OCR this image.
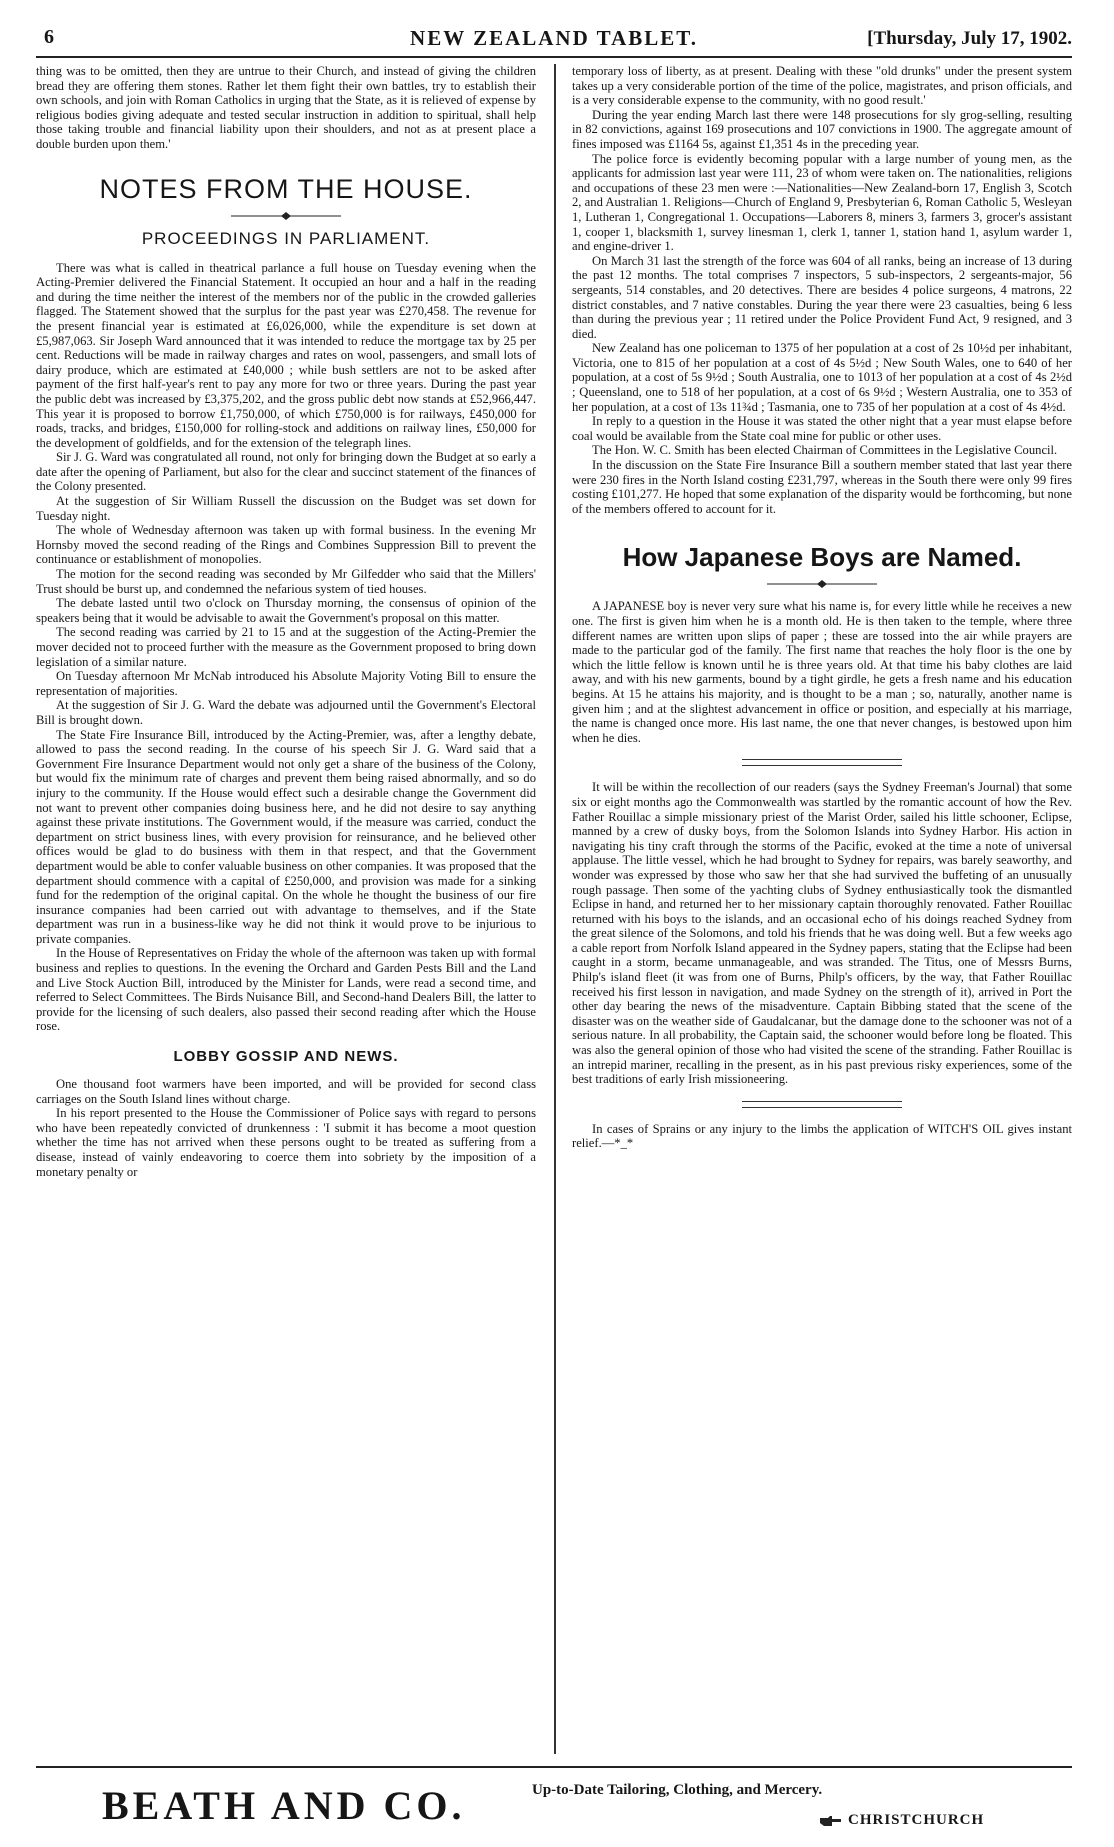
6	NEW ZEALAND TABLET.	[Thursday, July 17, 1902.

thing was to be omitted, then they are untrue to their Church, and instead of giving the children bread they are offering them stones. Rather let them fight their own battles, try to establish their own schools, and join with Roman Catholics in urging that the State, as it is relieved of expense by religious bodies giving adequate and tested secular instruction in addition to spiritual, shall help those taking trouble and financial liability upon their shoulders, and not as at present place a double burden upon them.'

NOTES FROM THE HOUSE.
PROCEEDINGS IN PARLIAMENT.

There was what is called in theatrical parlance a full house on Tuesday evening when the Acting-Premier delivered the Financial Statement. It occupied an hour and a half in the reading and during the time neither the interest of the members nor of the public in the crowded galleries flagged. The Statement showed that the surplus for the past year was £270,458. The revenue for the present financial year is estimated at £6,026,000, while the expenditure is set down at £5,987,063. Sir Joseph Ward announced that it was intended to reduce the mortgage tax by 25 per cent. Reductions will be made in railway charges and rates on wool, passengers, and small lots of dairy produce, which are estimated at £40,000 ; while bush settlers are not to be asked after payment of the first half-year's rent to pay any more for two or three years. During the past year the public debt was increased by £3,375,202, and the gross public debt now stands at £52,966,447. This year it is proposed to borrow £1,750,000, of which £750,000 is for railways, £450,000 for roads, tracks, and bridges, £150,000 for rolling-stock and additions on railway lines, £50,000 for the development of goldfields, and for the extension of the telegraph lines.

Sir J. G. Ward was congratulated all round, not only for bringing down the Budget at so early a date after the opening of Parliament, but also for the clear and succinct statement of the finances of the Colony presented.

At the suggestion of Sir William Russell the discussion on the Budget was set down for Tuesday night.

The whole of Wednesday afternoon was taken up with formal business. In the evening Mr Hornsby moved the second reading of the Rings and Combines Suppression Bill to prevent the continuance or establishment of monopolies.

The motion for the second reading was seconded by Mr Gilfedder who said that the Millers' Trust should be burst up, and condemned the nefarious system of tied houses.

The debate lasted until two o'clock on Thursday morning, the consensus of opinion of the speakers being that it would be advisable to await the Government's proposal on this matter.

The second reading was carried by 21 to 15 and at the suggestion of the Acting-Premier the mover decided not to proceed further with the measure as the Government proposed to bring down legislation of a similar nature.

On Tuesday afternoon Mr McNab introduced his Absolute Majority Voting Bill to ensure the representation of majorities.

At the suggestion of Sir J. G. Ward the debate was adjourned until the Government's Electoral Bill is brought down.

The State Fire Insurance Bill, introduced by the Acting-Premier, was, after a lengthy debate, allowed to pass the second reading. In the course of his speech Sir J. G. Ward said that a Government Fire Insurance Department would not only get a share of the business of the Colony, but would fix the minimum rate of charges and prevent them being raised abnormally, and so do injury to the community. If the House would effect such a desirable change the Government did not want to prevent other companies doing business here, and he did not desire to say anything against these private institutions. The Government would, if the measure was carried, conduct the department on strict business lines, with every provision for reinsurance, and he believed other offices would be glad to do business with them in that respect, and that the Government department would be able to confer valuable business on other companies. It was proposed that the department should commence with a capital of £250,000, and provision was made for a sinking fund for the redemption of the original capital. On the whole he thought the business of our fire insurance companies had been carried out with advantage to themselves, and if the State department was run in a business-like way he did not think it would prove to be injurious to private companies.

In the House of Representatives on Friday the whole of the afternoon was taken up with formal business and replies to questions. In the evening the Orchard and Garden Pests Bill and the Land and Live Stock Auction Bill, introduced by the Minister for Lands, were read a second time, and referred to Select Committees. The Birds Nuisance Bill, and Second-hand Dealers Bill, the latter to provide for the licensing of such dealers, also passed their second reading after which the House rose.

LOBBY GOSSIP AND NEWS.

One thousand foot warmers have been imported, and will be provided for second class carriages on the South Island lines without charge.

In his report presented to the House the Commissioner of Police says with regard to persons who have been repeatedly convicted of drunkenness : 'I submit it has become a moot question whether the time has not arrived when these persons ought to be treated as suffering from a disease, instead of vainly endeavoring to coerce them into sobriety by the imposition of a monetary penalty or

temporary loss of liberty, as at present. Dealing with these "old drunks" under the present system takes up a very considerable portion of the time of the police, magistrates, and prison officials, and is a very considerable expense to the community, with no good result.'

During the year ending March last there were 148 prosecutions for sly grog-selling, resulting in 82 convictions, against 169 prosecutions and 107 convictions in 1900. The aggregate amount of fines imposed was £1164 5s, against £1,351 4s in the preceding year.

The police force is evidently becoming popular with a large number of young men, as the applicants for admission last year were 111, 23 of whom were taken on. The nationalities, religions and occupations of these 23 men were :—Nationalities—New Zealand-born 17, English 3, Scotch 2, and Australian 1. Religions—Church of England 9, Presbyterian 6, Roman Catholic 5, Wesleyan 1, Lutheran 1, Congregational 1. Occupations—Laborers 8, miners 3, farmers 3, grocer's assistant 1, cooper 1, blacksmith 1, survey linesman 1, clerk 1, tanner 1, station hand 1, asylum warder 1, and engine-driver 1.

On March 31 last the strength of the force was 604 of all ranks, being an increase of 13 during the past 12 months. The total comprises 7 inspectors, 5 sub-inspectors, 2 sergeants-major, 56 sergeants, 514 constables, and 20 detectives. There are besides 4 police surgeons, 4 matrons, 22 district constables, and 7 native constables. During the year there were 23 casualties, being 6 less than during the previous year ; 11 retired under the Police Provident Fund Act, 9 resigned, and 3 died.

New Zealand has one policeman to 1375 of her population at a cost of 2s 10½d per inhabitant, Victoria, one to 815 of her population at a cost of 4s 5½d ; New South Wales, one to 640 of her population, at a cost of 5s 9½d ; South Australia, one to 1013 of her population at a cost of 4s 2½d ; Queensland, one to 518 of her population, at a cost of 6s 9½d ; Western Australia, one to 353 of her population, at a cost of 13s 11¾d ; Tasmania, one to 735 of her population at a cost of 4s 4½d.

In reply to a question in the House it was stated the other night that a year must elapse before coal would be available from the State coal mine for public or other uses.

The Hon. W. C. Smith has been elected Chairman of Committees in the Legislative Council.

In the discussion on the State Fire Insurance Bill a southern member stated that last year there were 230 fires in the North Island costing £231,797, whereas in the South there were only 99 fires costing £101,277. He hoped that some explanation of the disparity would be forthcoming, but none of the members offered to account for it.

How Japanese Boys are Named.

A JAPANESE boy is never very sure what his name is, for every little while he receives a new one. The first is given him when he is a month old. He is then taken to the temple, where three different names are written upon slips of paper ; these are tossed into the air while prayers are made to the particular god of the family. The first name that reaches the holy floor is the one by which the little fellow is known until he is three years old. At that time his baby clothes are laid away, and with his new garments, bound by a tight girdle, he gets a fresh name and his education begins. At 15 he attains his majority, and is thought to be a man ; so, naturally, another name is given him ; and at the slightest advancement in office or position, and especially at his marriage, the name is changed once more. His last name, the one that never changes, is bestowed upon him when he dies.

It will be within the recollection of our readers (says the Sydney Freeman's Journal) that some six or eight months ago the Commonwealth was startled by the romantic account of how the Rev. Father Rouillac a simple missionary priest of the Marist Order, sailed his little schooner, Eclipse, manned by a crew of dusky boys, from the Solomon Islands into Sydney Harbor. His action in navigating his tiny craft through the storms of the Pacific, evoked at the time a note of universal applause. The little vessel, which he had brought to Sydney for repairs, was barely seaworthy, and wonder was expressed by those who saw her that she had survived the buffeting of an unusually rough passage. Then some of the yachting clubs of Sydney enthusiastically took the dismantled Eclipse in hand, and returned her to her missionary captain thoroughly renovated. Father Rouillac returned with his boys to the islands, and an occasional echo of his doings reached Sydney from the great silence of the Solomons, and told his friends that he was doing well. But a few weeks ago a cable report from Norfolk Island appeared in the Sydney papers, stating that the Eclipse had been caught in a storm, became unmanageable, and was stranded. The Titus, one of Messrs Burns, Philp's island fleet (it was from one of Burns, Philp's officers, by the way, that Father Rouillac received his first lesson in navigation, and made Sydney on the strength of it), arrived in Port the other day bearing the news of the misadventure. Captain Bibbing stated that the scene of the disaster was on the weather side of Gaudalcanar, but the damage done to the schooner was not of a serious nature. In all probability, the Captain said, the schooner would before long be floated. This was also the general opinion of those who had visited the scene of the stranding. Father Rouillac is an intrepid mariner, recalling in the present, as in his past previous risky experiences, some of the best traditions of early Irish missioneering.

In cases of Sprains or any injury to the limbs the application of WITCH'S OIL gives instant relief.—*_*

BEATH AND CO.	Up-to-Date Tailoring, Clothing, and Mercery.
CHRISTCHURCH
